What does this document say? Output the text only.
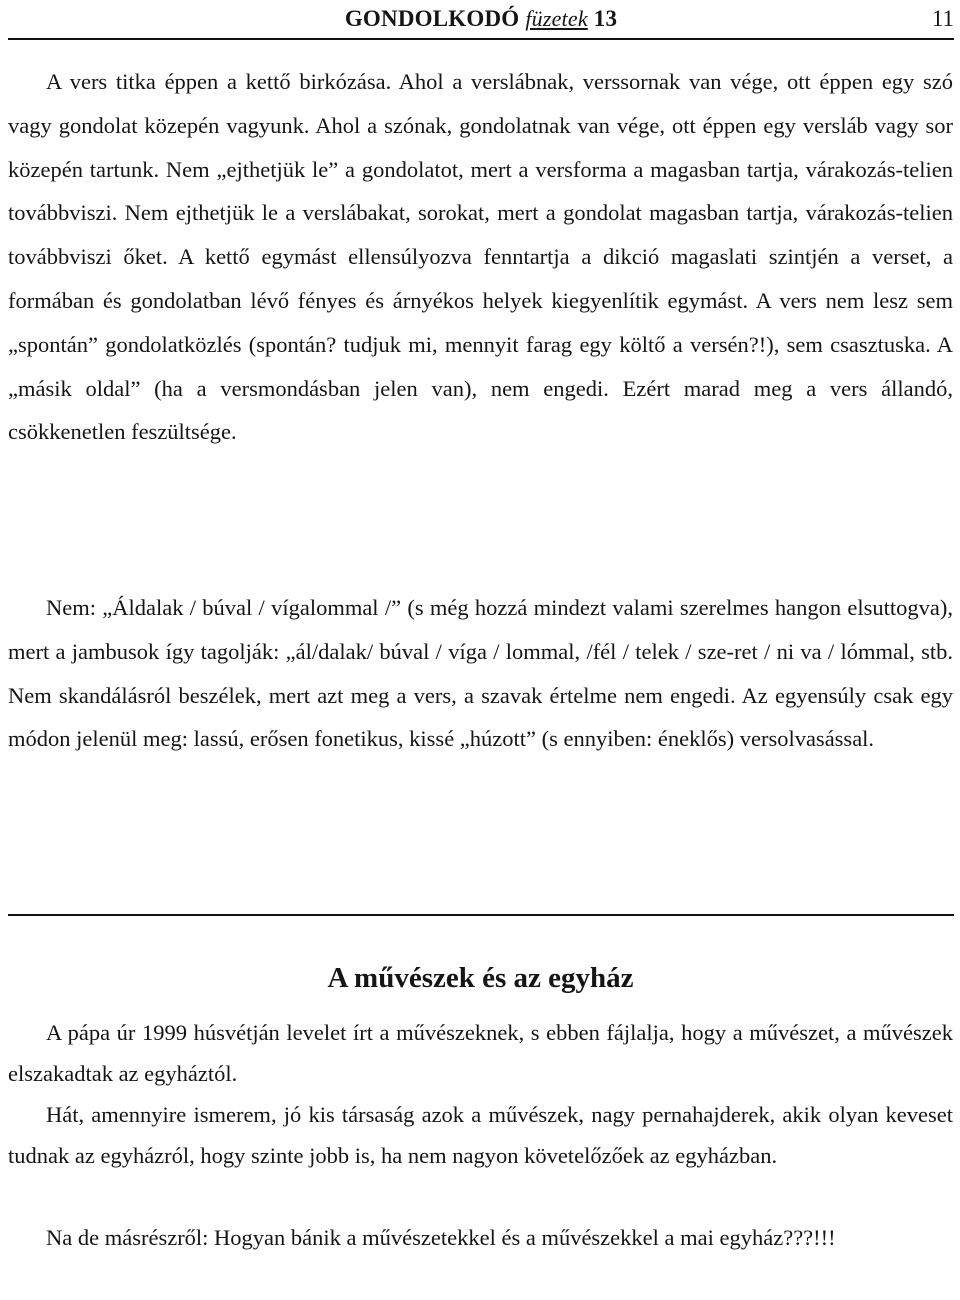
GONDOLKODÓ füzetek 13	11

A vers titka éppen a kettő birkózása. Ahol a verslábnak, verssornak van vége, ott éppen egy szó vagy gondolat közepén vagyunk. Ahol a szónak, gondolatnak van vége, ott éppen egy versláb vagy sor közepén tartunk. Nem „ejthetjük le” a gondolatot, mert a versforma a magasban tartja, várakozás-telien továbbviszi. Nem ejthetjük le a verslábakat, sorokat, mert a gondolat magasban tartja, várakozás-telien továbbviszi őket. A kettő egymást ellensúlyozva fenntartja a dikció magaslati szintjén a verset, a formában és gondolatban lévő fényes és árnyékos helyek kiegyenlítik egymást. A vers nem lesz sem „spontán” gondolatközlés (spontán? tudjuk mi, mennyit farag egy költő a versén?!), sem csasztuska. A „másik oldal” (ha a versmondásban jelen van), nem engedi. Ezért marad meg a vers állandó, csökkenetlen feszültsége.

Nem: „Áldalak / búval / vígalommal /” (s még hozzá mindezt valami szerelmes hangon elsuttogva), mert a jambusok így tagolják: „ál/dalak/ búval / víga / lommal, /fél / telek / sze-ret / ni va / lómmal, stb. Nem skandálásról beszélek, mert azt meg a vers, a szavak értelme nem engedi. Az egyensúly csak egy módon jelenül meg: lassú, erősen fonetikus, kissé „húzott” (s ennyiben: éneklős) versolvasással.

A művészek és az egyház

A pápa úr 1999 húsvétján levelet írt a művészeknek, s ebben fájlalja, hogy a művészet, a művészek elszakadtak az egyháztól.

Hát, amennyire ismerem, jó kis társaság azok a művészek, nagy pernahajderek, akik olyan keveset tudnak az egyházról, hogy szinte jobb is, ha nem nagyon követelőzőek az egyházban.

Na de másrészről: Hogyan bánik a művészetekkel és a művészekkel a mai egyház???!!!
